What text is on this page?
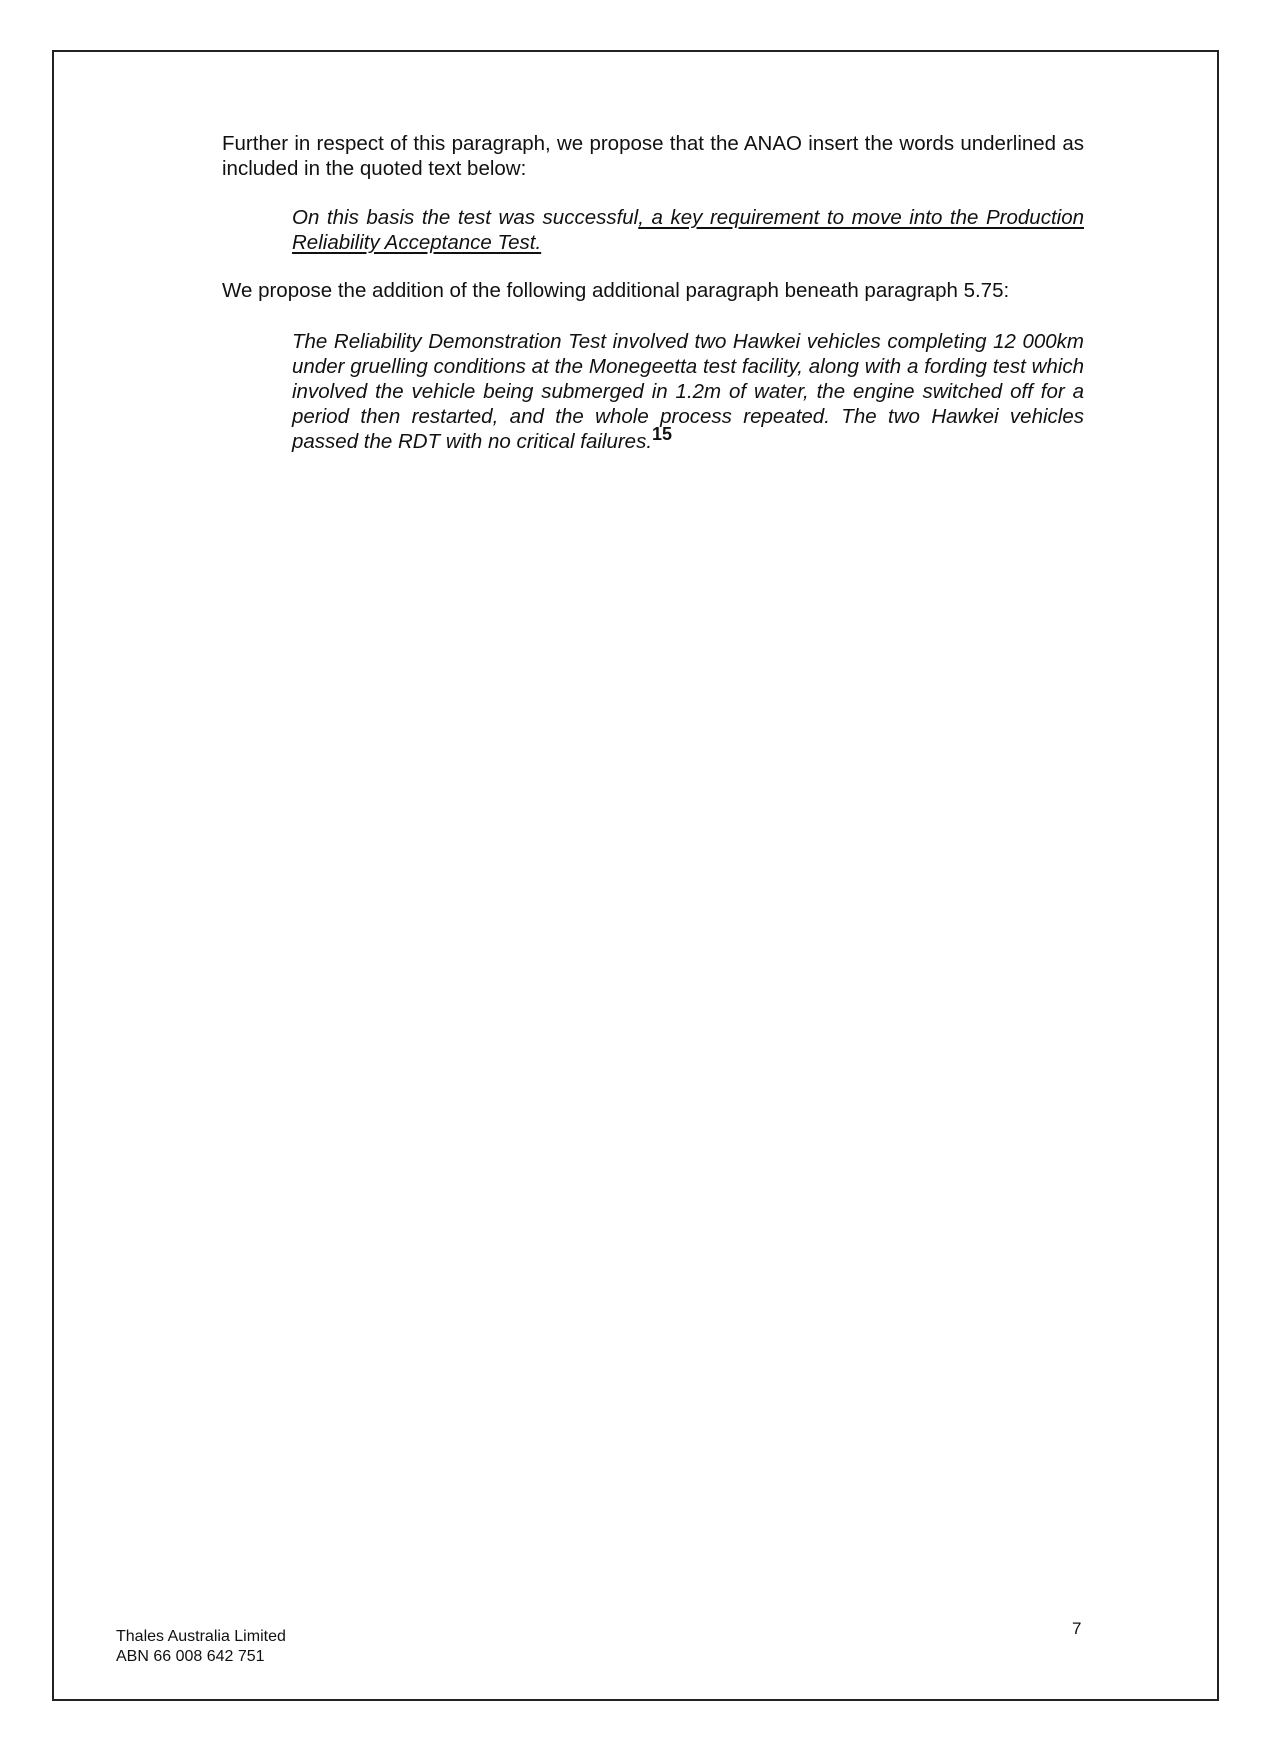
Further in respect of this paragraph, we propose that the ANAO insert the words underlined as included in the quoted text below:

On this basis the test was successful, a key requirement to move into the Production Reliability Acceptance Test.

We propose the addition of the following additional paragraph beneath paragraph 5.75:

The Reliability Demonstration Test involved two Hawkei vehicles completing 12 000km under gruelling conditions at the Monegeetta test facility, along with a fording test which involved the vehicle being submerged in 1.2m of water, the engine switched off for a period then restarted, and the whole process repeated. The two Hawkei vehicles passed the RDT with no critical failures.15

Thales Australia Limited
ABN 66 008 642 751
7
